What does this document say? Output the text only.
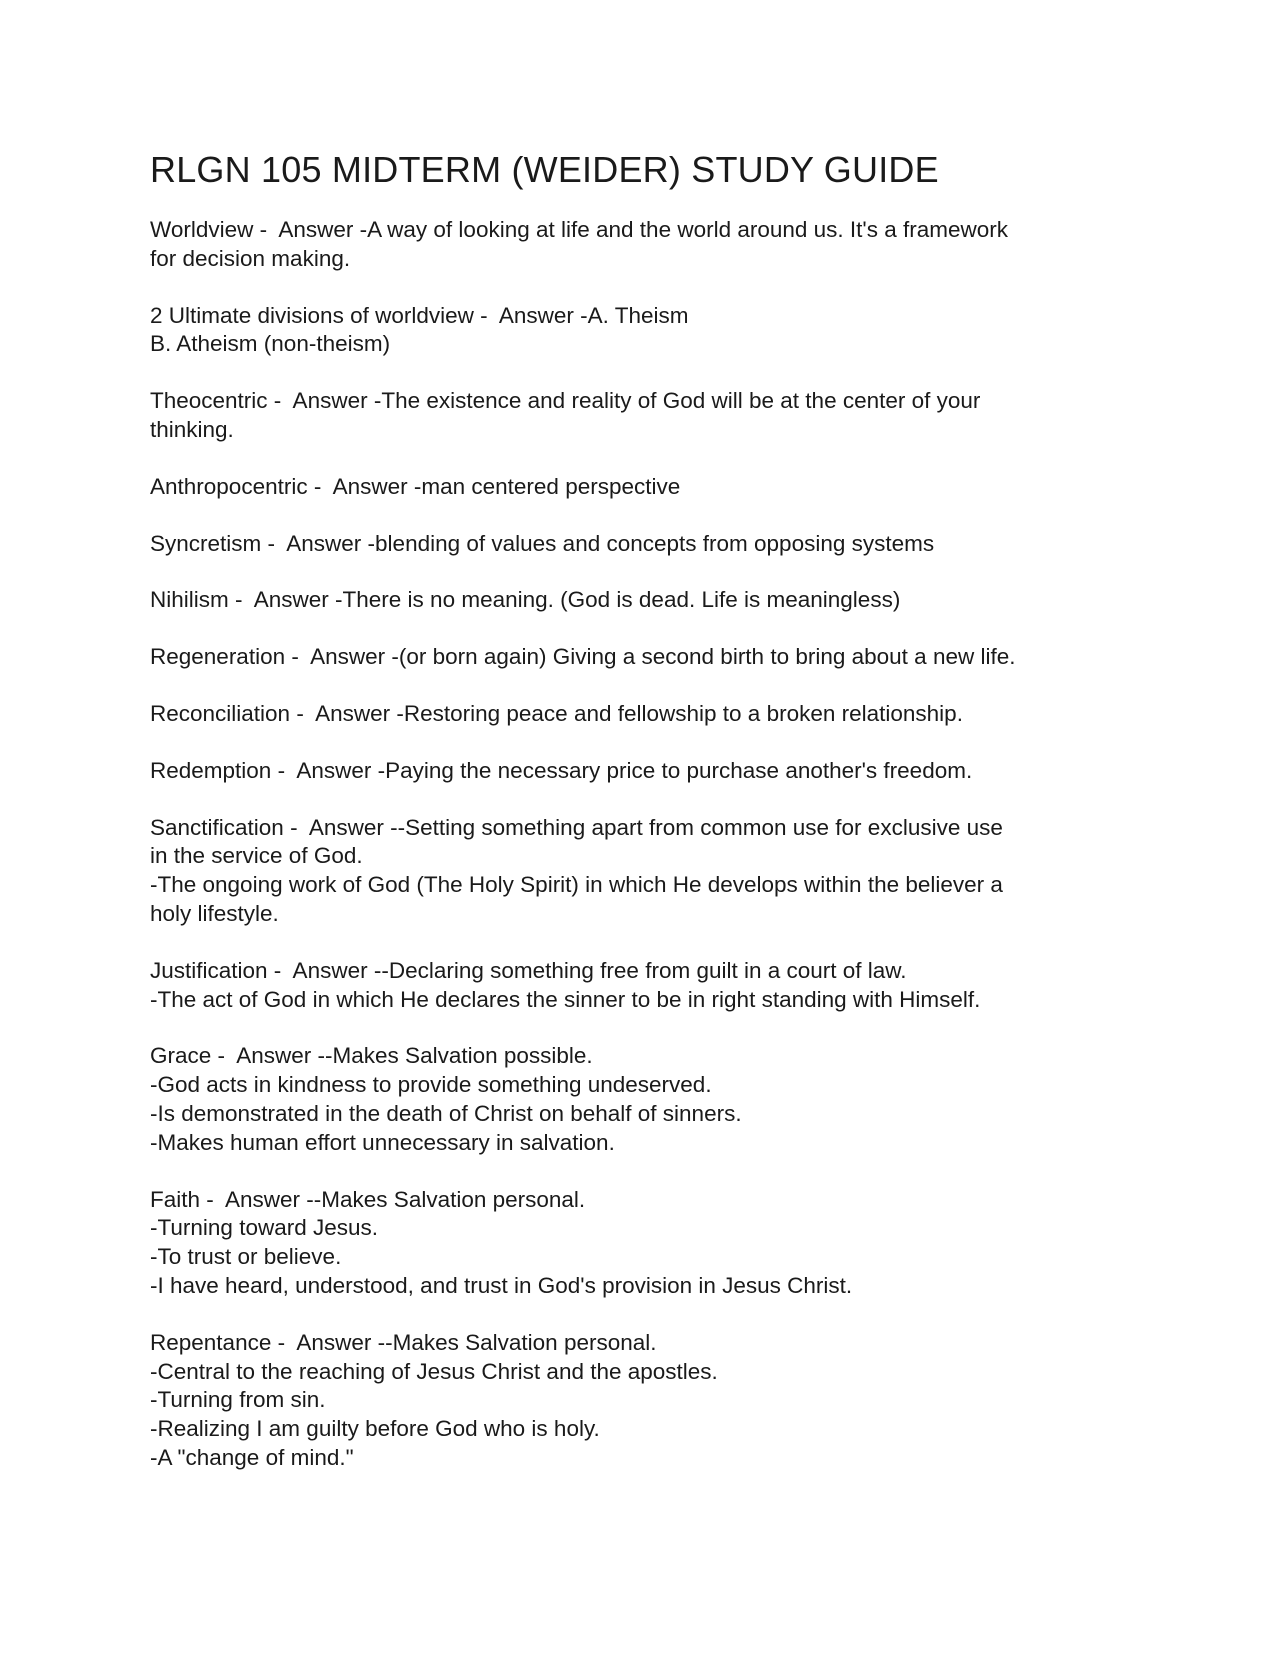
RLGN 105 MIDTERM (WEIDER) STUDY GUIDE
Worldview -  Answer -A way of looking at life and the world around us. It's a framework
for decision making.
2 Ultimate divisions of worldview -  Answer -A. Theism
B. Atheism (non-theism)
Theocentric -  Answer -The existence and reality of God will be at the center of your
thinking.
Anthropocentric -  Answer -man centered perspective
Syncretism -  Answer -blending of values and concepts from opposing systems
Nihilism -  Answer -There is no meaning. (God is dead. Life is meaningless)
Regeneration -  Answer -(or born again) Giving a second birth to bring about a new life.
Reconciliation -  Answer -Restoring peace and fellowship to a broken relationship.
Redemption -  Answer -Paying the necessary price to purchase another's freedom.
Sanctification -  Answer --Setting something apart from common use for exclusive use
in the service of God.
-The ongoing work of God (The Holy Spirit) in which He develops within the believer a
holy lifestyle.
Justification -  Answer --Declaring something free from guilt in a court of law.
-The act of God in which He declares the sinner to be in right standing with Himself.
Grace -  Answer --Makes Salvation possible.
-God acts in kindness to provide something undeserved.
-Is demonstrated in the death of Christ on behalf of sinners.
-Makes human effort unnecessary in salvation.
Faith -  Answer --Makes Salvation personal.
-Turning toward Jesus.
-To trust or believe.
-I have heard, understood, and trust in God's provision in Jesus Christ.
Repentance -  Answer --Makes Salvation personal.
-Central to the reaching of Jesus Christ and the apostles.
-Turning from sin.
-Realizing I am guilty before God who is holy.
-A "change of mind."
